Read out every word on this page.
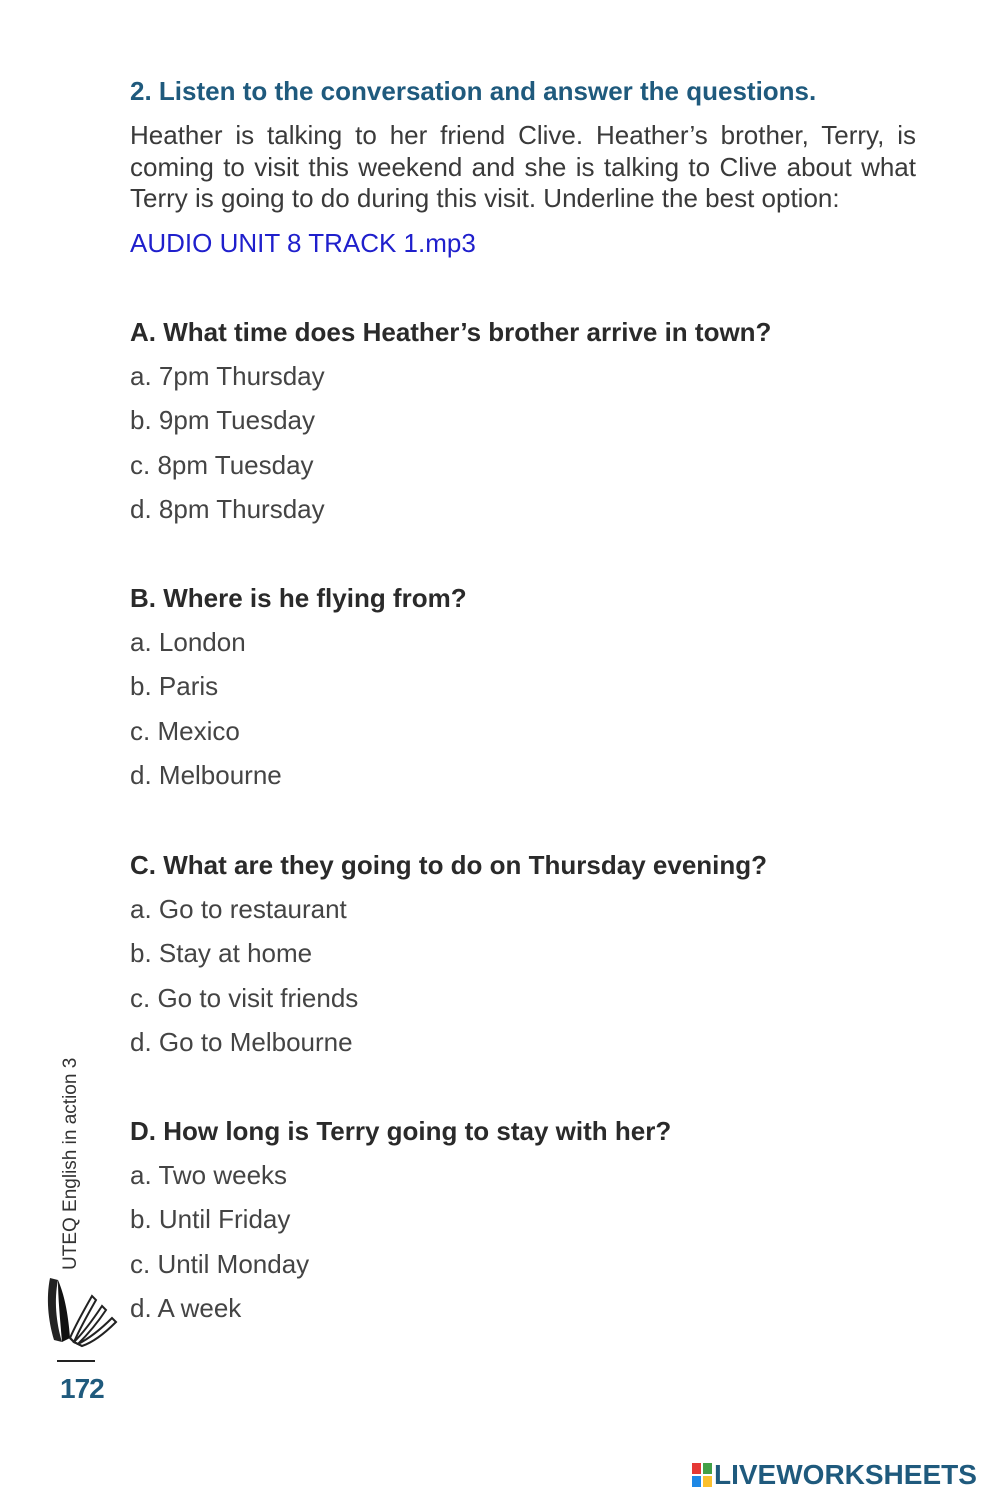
2. Listen to the conversation and answer the questions.

Heather is talking to her friend Clive. Heather’s brother, Terry, is coming to visit this weekend and she is talking to Clive about what Terry is going to do during this visit. Underline the best option:

AUDIO UNIT 8 TRACK 1.mp3
A. What time does Heather’s brother arrive in town?
a. 7pm Thursday
b. 9pm Tuesday
c. 8pm Tuesday
d. 8pm Thursday
B. Where is he flying from?
a. London
b. Paris
c. Mexico
d. Melbourne
C. What are they going to do on Thursday evening?
a. Go to restaurant
b. Stay at home
c. Go to visit friends
d. Go to Melbourne
D. How long is Terry going to stay with her?
a. Two weeks
b. Until Friday
c. Until Monday
d. A week
UTEQ English in action 3
172
LIVEWORKSHEETS
